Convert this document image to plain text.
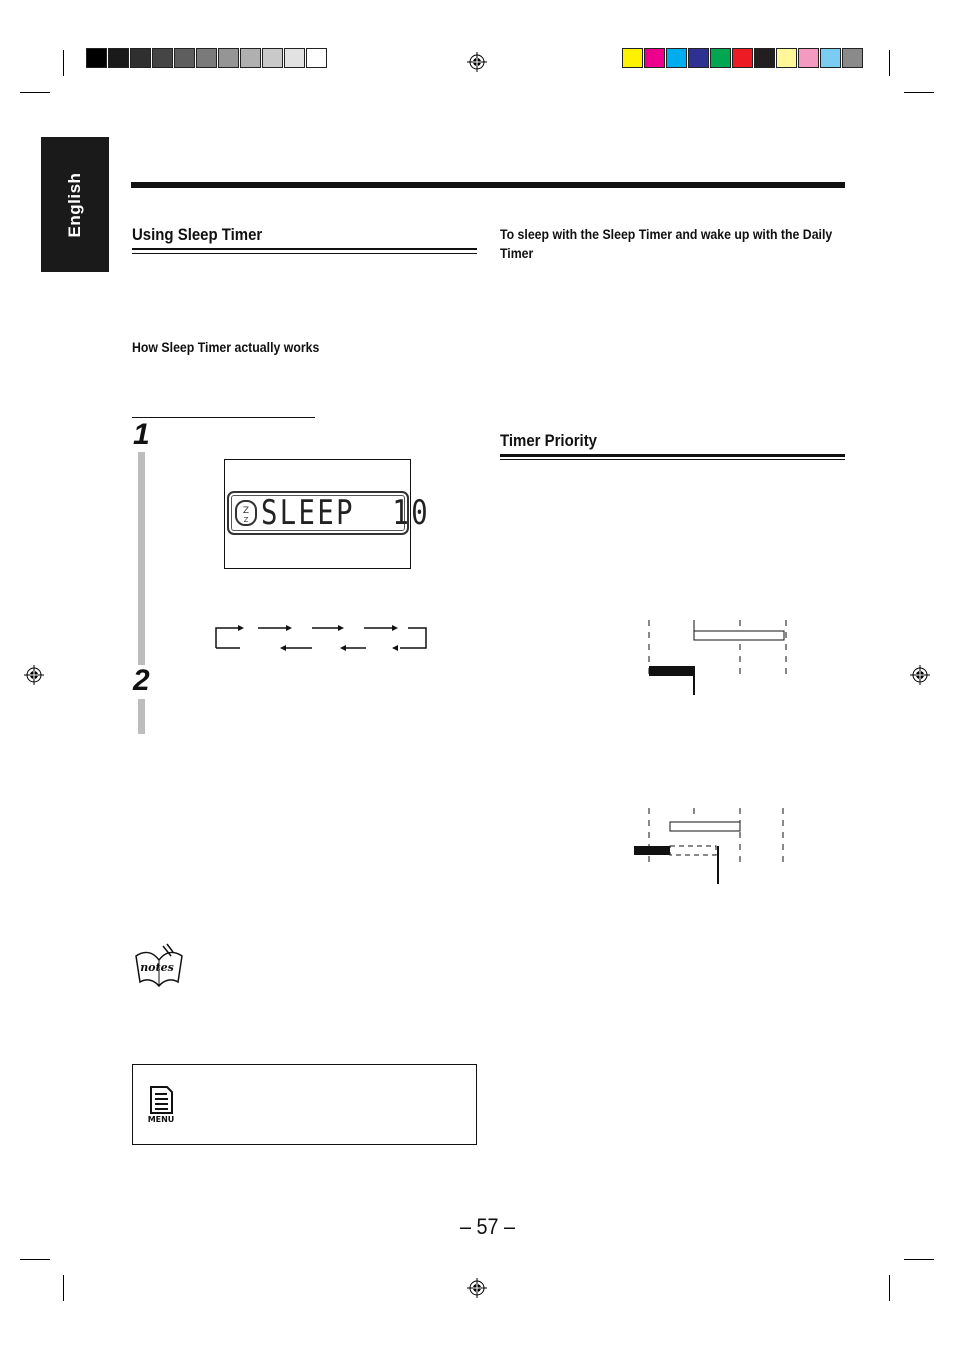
English	Using Sleep Timer
How Sleep Timer actually works
1
Z
Z SLEEP  10
2
notes
MENU
To sleep with the Sleep Timer and wake up with the Daily Timer
Timer Priority
– 57 –
